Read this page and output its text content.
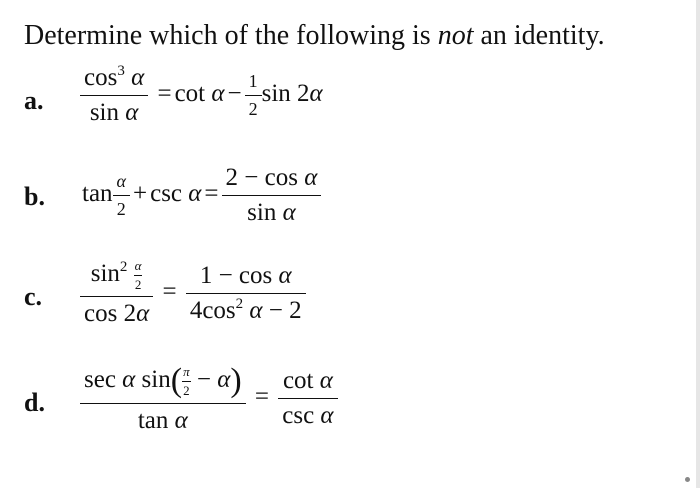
Determine which of the following is not an identity.
a. $\frac{\cos^3 \alpha}{\text{sin α}} = \cot \alpha - \frac{1}{2}$ sin 2α
b. $\tan \frac{\alpha}{2} + \csc \alpha = \frac{\text{2 − cos α}}{\text{sin α}}$
c. $\frac{\sin^2 \frac{\alpha}{2}}{\cos 2\alpha} = \frac{\text{1 − cos α}}{4\cos^2 \alpha - 2}$
d. $\frac{\sec \alpha \sin( \frac{\pi}{2} - \alpha)}{\text{tan α}} = \frac{\text{cot α}}{\text{csc α}}$
